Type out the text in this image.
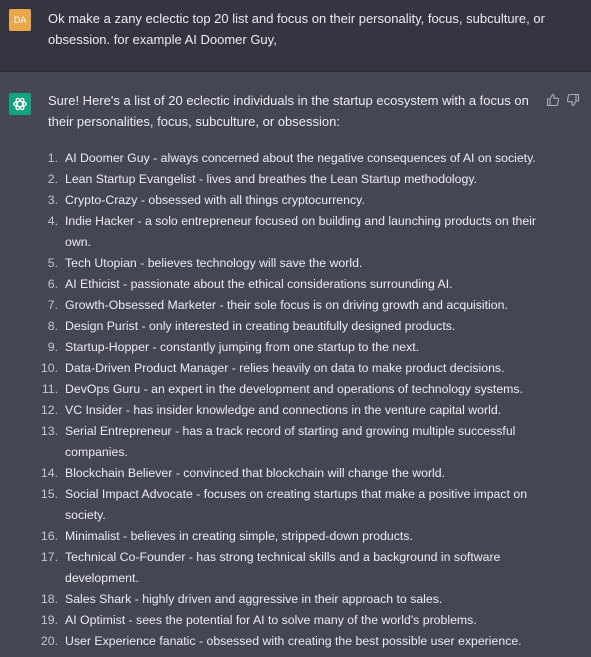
DA	Ok make a zany eclectic top 20 list and focus on their personality, focus, subculture, or obsession. for example AI Doomer Guy,
Sure! Here's a list of 20 eclectic individuals in the startup ecosystem with a focus on their personalities, focus, subculture, or obsession:
1. AI Doomer Guy - always concerned about the negative consequences of AI on society.
2. Lean Startup Evangelist - lives and breathes the Lean Startup methodology.
3. Crypto-Crazy - obsessed with all things cryptocurrency.
4. Indie Hacker - a solo entrepreneur focused on building and launching products on their own.
5. Tech Utopian - believes technology will save the world.
6. AI Ethicist - passionate about the ethical considerations surrounding AI.
7. Growth-Obsessed Marketer - their sole focus is on driving growth and acquisition.
8. Design Purist - only interested in creating beautifully designed products.
9. Startup-Hopper - constantly jumping from one startup to the next.
10. Data-Driven Product Manager - relies heavily on data to make product decisions.
11. DevOps Guru - an expert in the development and operations of technology systems.
12. VC Insider - has insider knowledge and connections in the venture capital world.
13. Serial Entrepreneur - has a track record of starting and growing multiple successful companies.
14. Blockchain Believer - convinced that blockchain will change the world.
15. Social Impact Advocate - focuses on creating startups that make a positive impact on society.
16. Minimalist - believes in creating simple, stripped-down products.
17. Technical Co-Founder - has strong technical skills and a background in software development.
18. Sales Shark - highly driven and aggressive in their approach to sales.
19. AI Optimist - sees the potential for AI to solve many of the world's problems.
20. User Experience fanatic - obsessed with creating the best possible user experience.
